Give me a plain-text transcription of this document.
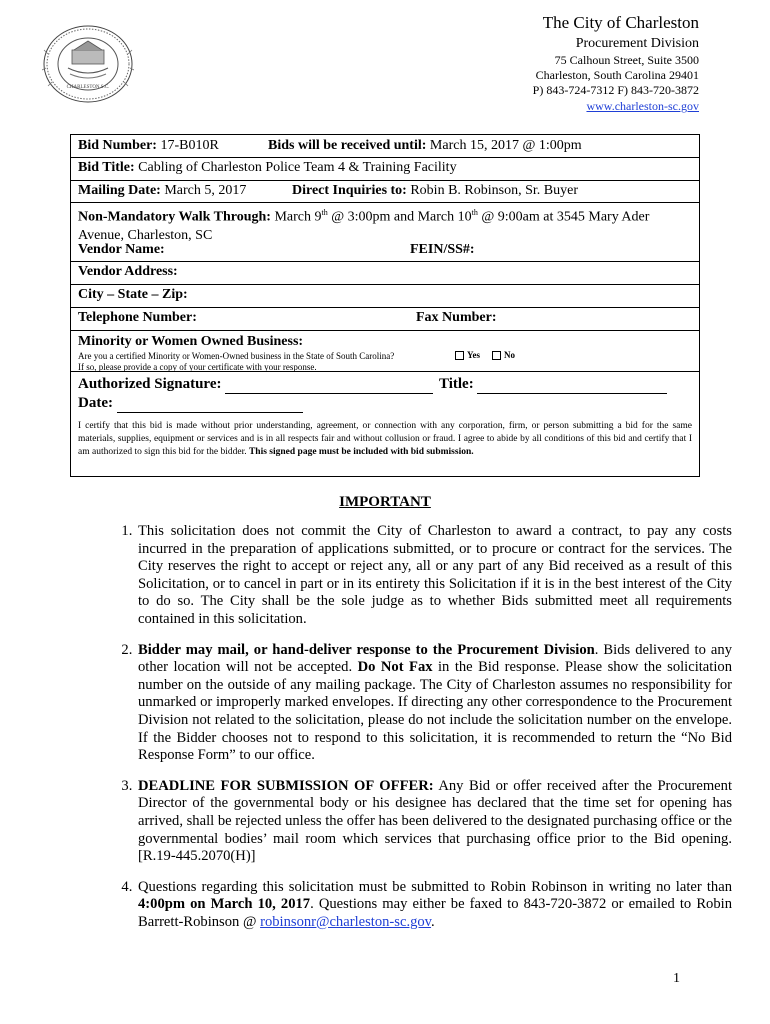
CHARLESTON S.C.
The City of Charleston
Procurement Division
75 Calhoun Street, Suite 3500
Charleston, South Carolina 29401
P) 843-724-7312 F) 843-720-3872
www.charleston-sc.gov
Bid Number: 17-B010R	Bids will be received until: March 15, 2017 @ 1:00pm
Bid Title: Cabling of Charleston Police Team 4 & Training Facility
Mailing Date: March 5, 2017	Direct Inquiries to: Robin B. Robinson, Sr. Buyer
Non-Mandatory Walk Through: March 9th @ 3:00pm and March 10th @ 9:00am at 3545 Mary Ader Avenue, Charleston, SC
Vendor Name:	FEIN/SS#:
Vendor Address:
City – State – Zip:
Telephone Number:	Fax Number:
Minority or Women Owned Business:
Are you a certified Minority or Women-Owned business in the State of South Carolina?
If so, please provide a copy of your certificate with your response.
Yes	No
Authorized Signature:	Title:
Date:
I certify that this bid is made without prior understanding, agreement, or connection with any corporation, firm, or person submitting a bid for the same materials, supplies, equipment or services and is in all respects fair and without collusion or fraud. I agree to abide by all conditions of this bid and certify that I am authorized to sign this bid for the bidder. This signed page must be included with bid submission.
IMPORTANT
1. This solicitation does not commit the City of Charleston to award a contract, to pay any costs incurred in the preparation of applications submitted, or to procure or contract for the services. The City reserves the right to accept or reject any, all or any part of any Bid received as a result of this Solicitation, or to cancel in part or in its entirety this Solicitation if it is in the best interest of the City to do so. The City shall be the sole judge as to whether Bids submitted meet all requirements contained in this solicitation.
2. Bidder may mail, or hand-deliver response to the Procurement Division. Bids delivered to any other location will not be accepted. Do Not Fax in the Bid response. Please show the solicitation number on the outside of any mailing package. The City of Charleston assumes no responsibility for unmarked or improperly marked envelopes. If directing any other correspondence to the Procurement Division not related to the solicitation, please do not include the solicitation number on the envelope. If the Bidder chooses not to respond to this solicitation, it is recommended to return the “No Bid Response Form” to our office.
3. DEADLINE FOR SUBMISSION OF OFFER: Any Bid or offer received after the Procurement Director of the governmental body or his designee has declared that the time set for opening has arrived, shall be rejected unless the offer has been delivered to the designated purchasing office or the governmental bodies’ mail room which services that purchasing office prior to the Bid opening. [R.19-445.2070(H)]
4. Questions regarding this solicitation must be submitted to Robin Robinson in writing no later than 4:00pm on March 10, 2017. Questions may either be faxed to 843-720-3872 or emailed to Robin Barrett-Robinson @ robinsonr@charleston-sc.gov.
1
